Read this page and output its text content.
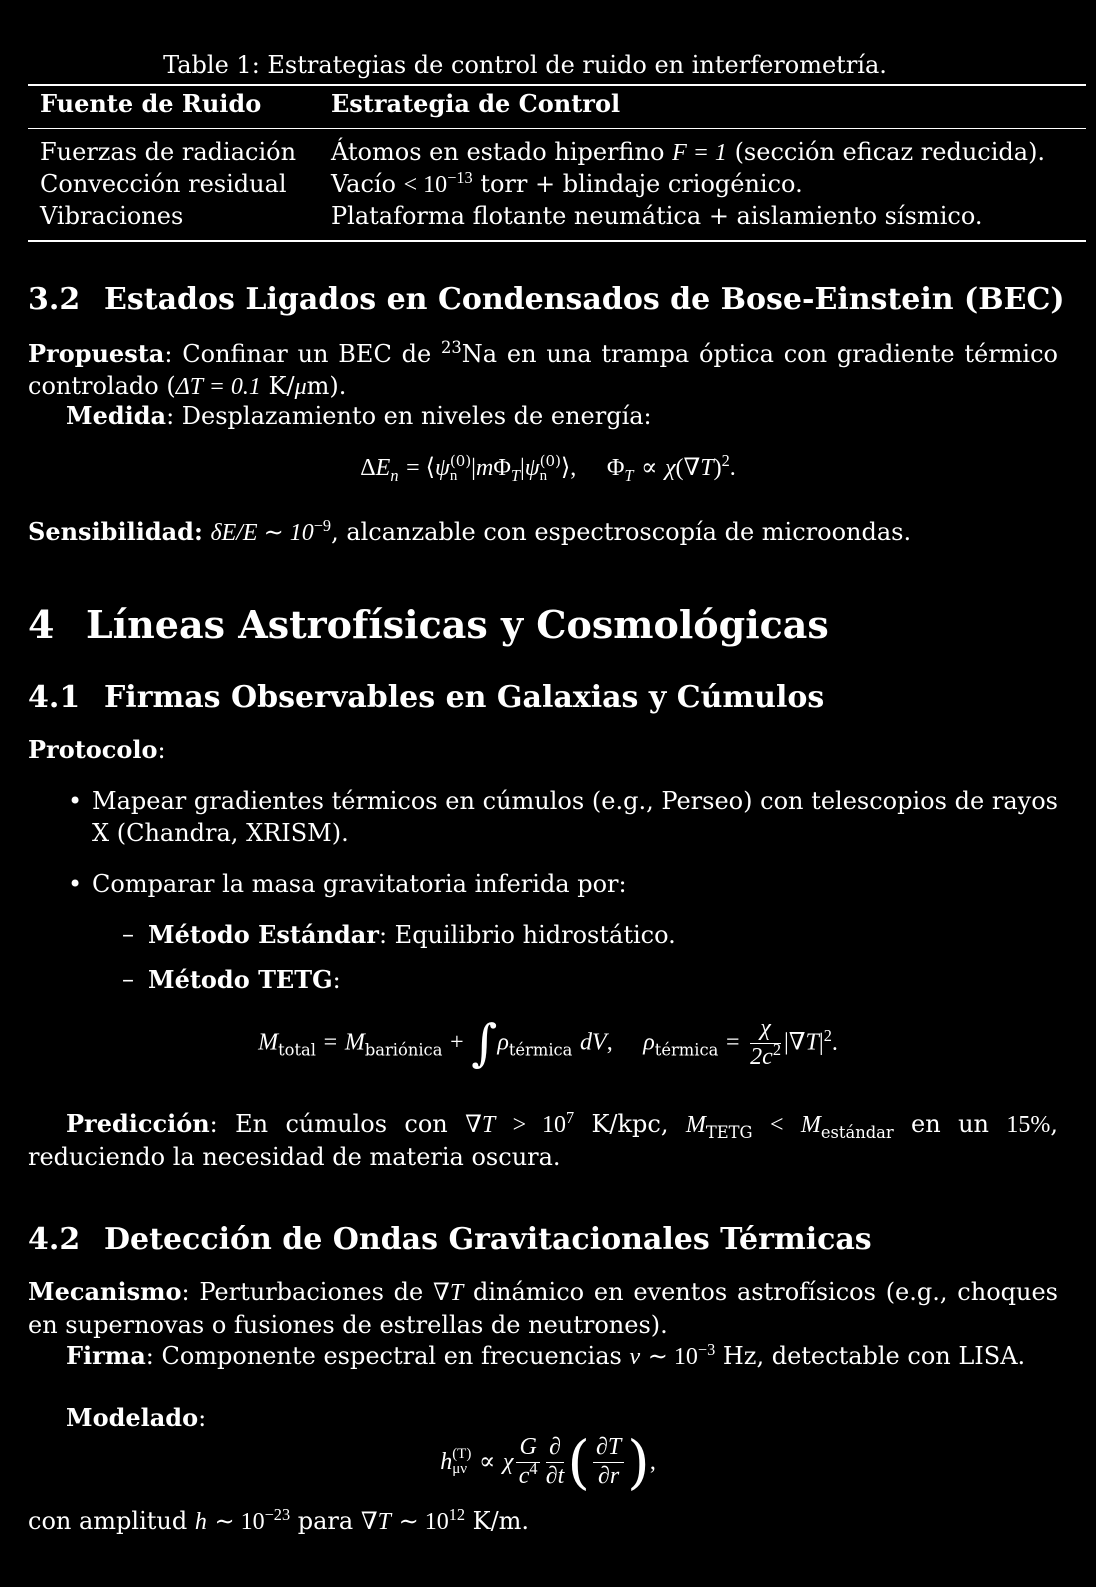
Table 1: Estrategias de control de ruido en interferometría.
Fuente de Ruido	Estrategia de Control
Fuerzas de radiación	Átomos en estado hiperfino F = 1 (sección eficaz reducida).
Convección residual	Vacío < $10^{-13}$ torr + blindaje criogénico.
Vibraciones	Plataforma flotante neumática + aislamiento sísmico.
3.2 Estados Ligados en Condensados de Bose-Einstein (BEC)

Propuesta: Confinar un BEC de $^{23}$Na en una trampa óptica con gradiente térmico controlado (ΔT = 0.1 K/μm).

Medida: Desplazamiento en niveles de energía:

$\Delta E_n$ = ⟨ψ (0)
n $|m\Phi_T|\psi$ (0)
n ⟩, $\Phi_T \propto \chi(\nabla T)^2$.

Sensibilidad: δE/E ∼ $10^{-9}$, alcanzable con espectroscopía de microondas.

4 Líneas Astrofísicas y Cosmológicas
4.1 Firmas Observables en Galaxias y Cúmulos

Protocolo:

• Mapear gradientes térmicos en cúmulos (e.g., Perseo) con telescopios de rayos X (Chandra, XRISM).
• Comparar la masa gravitatoria inferida por:
– Método Estándar: Equilibrio hidrostático.
– Método TETG:
$M_{total} = M_{bariónica} + \int\rho_{térmica}$ dV, $\rho_{térmica} = \frac{\chi}{2c^2} |\nabla T|^2$.

Predicción: En cúmulos con $\nabla T > 10^7$ K/kpc, $M_{TETG} < M_{estándar}$ en un 15%, reduciendo la necesidad de materia oscura.

4.2 Detección de Ondas Gravitacionales Térmicas

Mecanismo: Perturbaciones de ∇T dinámico en eventos astrofísicos (e.g., choques en supernovas o fusiones de estrellas de neutrones).

Firma: Componente espectral en frecuencias ν ∼ $10^{-3}$ Hz, detectable con LISA.

Modelado:

h (T)
μν ∝ χ $\frac{G}{c^4} \frac{\partial}{\partial t}$ ( $\frac{\partial T}{\partial r}$ ),

con amplitud h ∼ $10^{-23}$ para ∇T ∼ $10^{12}$ K/m.
